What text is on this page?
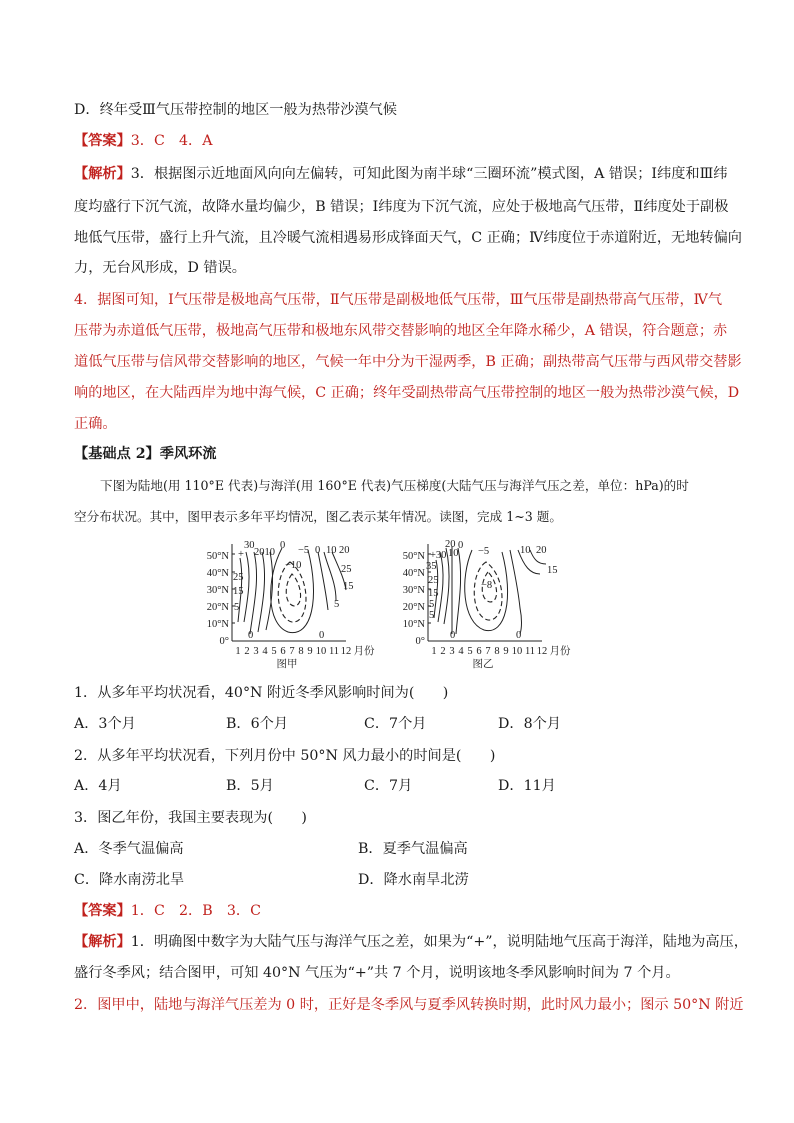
D．终年受Ⅲ气压带控制的地区一般为热带沙漠气候
【答案】3．C　4．A
【解析】3．根据图示近地面风向向左偏转，可知此图为南半球“三圈环流”模式图，A 错误；Ⅰ纬度和Ⅲ纬
度均盛行下沉气流，故降水量均偏少，B 错误；Ⅰ纬度为下沉气流，应处于极地高气压带，Ⅱ纬度处于副极
地低气压带，盛行上升气流，且冷暖气流相遇易形成锋面天气，C 正确；Ⅳ纬度位于赤道附近，无地转偏向
力，无台风形成，D 错误。
4．据图可知，Ⅰ气压带是极地高气压带，Ⅱ气压带是副极地低气压带，Ⅲ气压带是副热带高气压带，Ⅳ气
压带为赤道低气压带，极地高气压带和极地东风带交替影响的地区全年降水稀少，A 错误，符合题意；赤
道低气压带与信风带交替影响的地区，气候一年中分为干湿两季，B 正确；副热带高气压带与西风带交替影
响的地区，在大陆西岸为地中海气候，C 正确；终年受副热带高气压带控制的地区一般为热带沙漠气候，D
正确。
【基础点 2】季风环流
下图为陆地(用 110°E 代表)与海洋(用 160°E 代表)气压梯度(大陆气压与海洋气压之差，单位：hPa)的时
空分布状况。其中，图甲表示多年平均情况，图乙表示某年情况。读图，完成 1~3 题。
50°N
40°N
30°N
20°N
10°N
0°
1 2 3 4 5 6 7 8 9 10 11 12 月份
图甲
+
30
2010
0 −5 0 10 20
−10
25
15
5
25
15
5
0	0
50°N
40°N
30°N
20°N
10°N
0°
1 2 3 4 5 6 7 8 9 10 11 12 月份
图乙
20
10
+30
0
−5	10 20
35
25
15
5
5
−8
15
0	0
1．从多年平均状况看，40°N 附近冬季风影响时间为(　　)
A．3个月	B．6个月	C．7个月	D．8个月
2．从多年平均状况看，下列月份中 50°N 风力最小的时间是(　　)
A．4月	B．5月	C．7月	D．11月
3．图乙年份，我国主要表现为(　　)
A．冬季气温偏高	B．夏季气温偏高
C．降水南涝北旱	D．降水南旱北涝
【答案】1．C　2．B　3．C
【解析】1．明确图中数字为大陆气压与海洋气压之差，如果为“+”，说明陆地气压高于海洋，陆地为高压，
盛行冬季风；结合图甲，可知 40°N 气压为“+”共 7 个月，说明该地冬季风影响时间为 7 个月。
2．图甲中，陆地与海洋气压差为 0 时，正好是冬季风与夏季风转换时期，此时风力最小；图示 50°N 附近
